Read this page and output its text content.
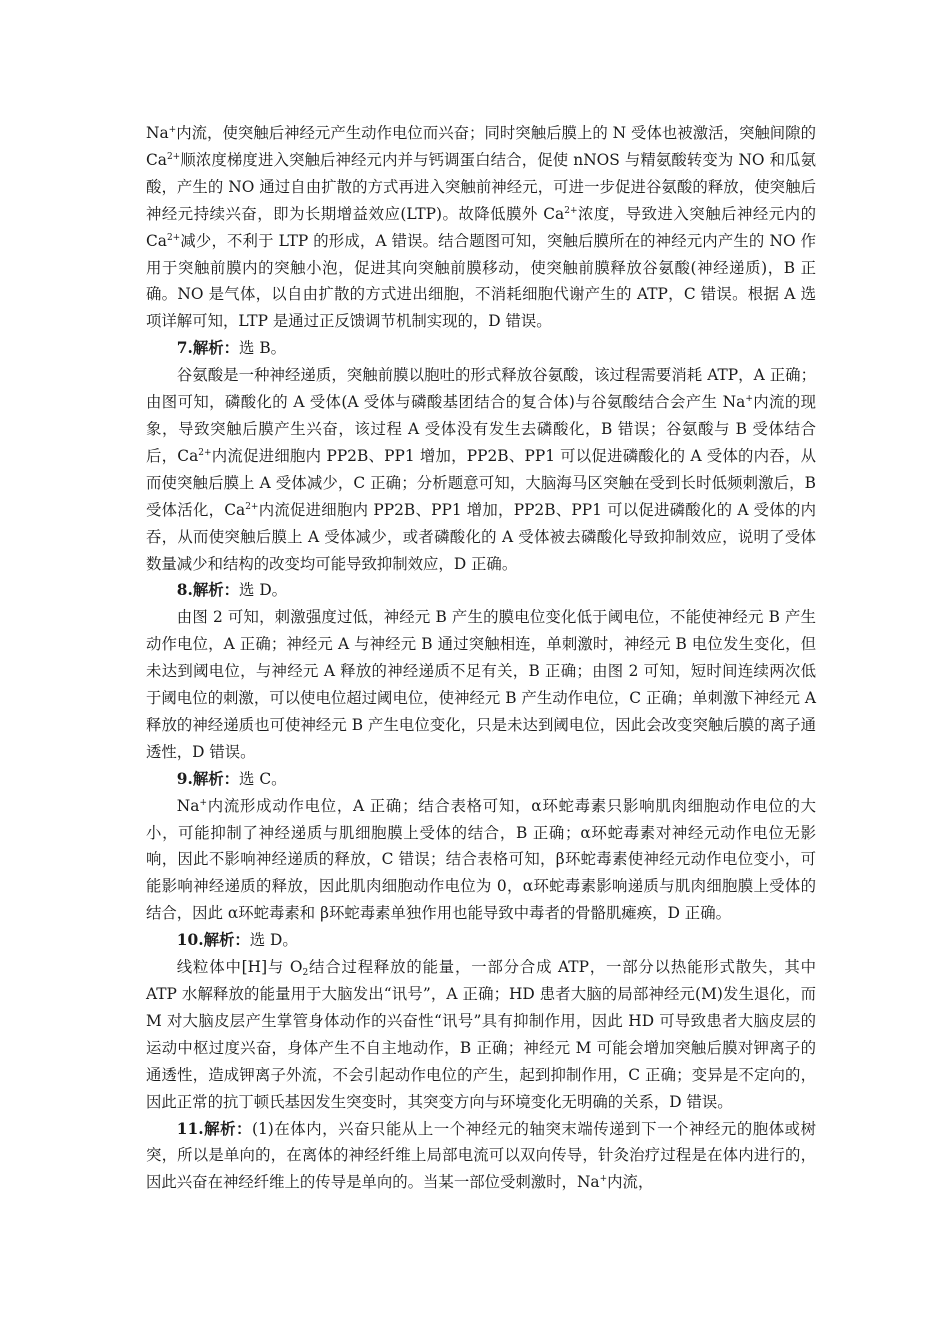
Na+内流，使突触后神经元产生动作电位而兴奋；同时突触后膜上的 N 受体也被激活，突触间隙的 $Ca^{2+}$顺浓度梯度进入突触后神经元内并与钙调蛋白结合，促使 nNOS 与精氨酸转变为 NO 和瓜氨酸，产生的 NO 通过自由扩散的方式再进入突触前神经元，可进一步促进谷氨酸的释放，使突触后神经元持续兴奋，即为长期增益效应(LTP)。故降低膜外 $Ca^{2+}$浓度，导致进入突触后神经元内的 $Ca^{2+}$减少，不利于 LTP 的形成，A 错误。结合题图可知，突触后膜所在的神经元内产生的 NO 作用于突触前膜内的突触小泡，促进其向突触前膜移动，使突触前膜释放谷氨酸(神经递质)，B 正确。NO 是气体，以自由扩散的方式进出细胞，不消耗细胞代谢产生的 ATP，C 错误。根据 A 选项详解可知，LTP 是通过正反馈调节机制实现的，D 错误。

7.解析：选 B。

谷氨酸是一种神经递质，突触前膜以胞吐的形式释放谷氨酸，该过程需要消耗 ATP，A 正确；由图可知，磷酸化的 A 受体(A 受体与磷酸基团结合的复合体)与谷氨酸结合会产生 Na+内流的现象，导致突触后膜产生兴奋，该过程 A 受体没有发生去磷酸化，B 错误；谷氨酸与 B 受体结合后，$Ca^{2+}$内流促进细胞内 PP2B、PP1 增加，PP2B、PP1 可以促进磷酸化的 A 受体的内吞，从而使突触后膜上 A 受体减少，C 正确；分析题意可知，大脑海马区突触在受到长时低频刺激后，B 受体活化，$Ca^{2+}$内流促进细胞内 PP2B、PP1 增加，PP2B、PP1 可以促进磷酸化的 A 受体的内吞，从而使突触后膜上 A 受体减少，或者磷酸化的 A 受体被去磷酸化导致抑制效应，说明了受体数量减少和结构的改变均可能导致抑制效应，D 正确。

8.解析：选 D。

由图 2 可知，刺激强度过低，神经元 B 产生的膜电位变化低于阈电位，不能使神经元 B 产生动作电位，A 正确；神经元 A 与神经元 B 通过突触相连，单刺激时，神经元 B 电位发生变化，但未达到阈电位，与神经元 A 释放的神经递质不足有关，B 正确；由图 2 可知，短时间连续两次低于阈电位的刺激，可以使电位超过阈电位，使神经元 B 产生动作电位，C 正确；单刺激下神经元 A 释放的神经递质也可使神经元 B 产生电位变化，只是未达到阈电位，因此会改变突触后膜的离子通透性，D 错误。

9.解析：选 C。

Na+内流形成动作电位，A 正确；结合表格可知，α环蛇毒素只影响肌肉细胞动作电位的大小，可能抑制了神经递质与肌细胞膜上受体的结合，B 正确；α环蛇毒素对神经元动作电位无影响，因此不影响神经递质的释放，C 错误；结合表格可知，β环蛇毒素使神经元动作电位变小，可能影响神经递质的释放，因此肌肉细胞动作电位为 0，α环蛇毒素影响递质与肌肉细胞膜上受体的结合，因此 α环蛇毒素和 β环蛇毒素单独作用也能导致中毒者的骨骼肌瘫痪，D 正确。

10.解析：选 D。

线粒体中[H]与 $O_2$结合过程释放的能量，一部分合成 ATP，一部分以热能形式散失，其中 ATP 水解释放的能量用于大脑发出“讯号”，A 正确；HD 患者大脑的局部神经元(M)发生退化，而 M 对大脑皮层产生掌管身体动作的兴奋性“讯号”具有抑制作用，因此 HD 可导致患者大脑皮层的运动中枢过度兴奋，身体产生不自主地动作，B 正确；神经元 M 可能会增加突触后膜对钾离子的通透性，造成钾离子外流，不会引起动作电位的产生，起到抑制作用，C 正确；变异是不定向的，因此正常的抗丁顿氏基因发生突变时，其突变方向与环境变化无明确的关系，D 错误。

11.解析：(1)在体内，兴奋只能从上一个神经元的轴突末端传递到下一个神经元的胞体或树突，所以是单向的，在离体的神经纤维上局部电流可以双向传导，针灸治疗过程是在体内进行的，因此兴奋在神经纤维上的传导是单向的。当某一部位受刺激时，Na+内流，
